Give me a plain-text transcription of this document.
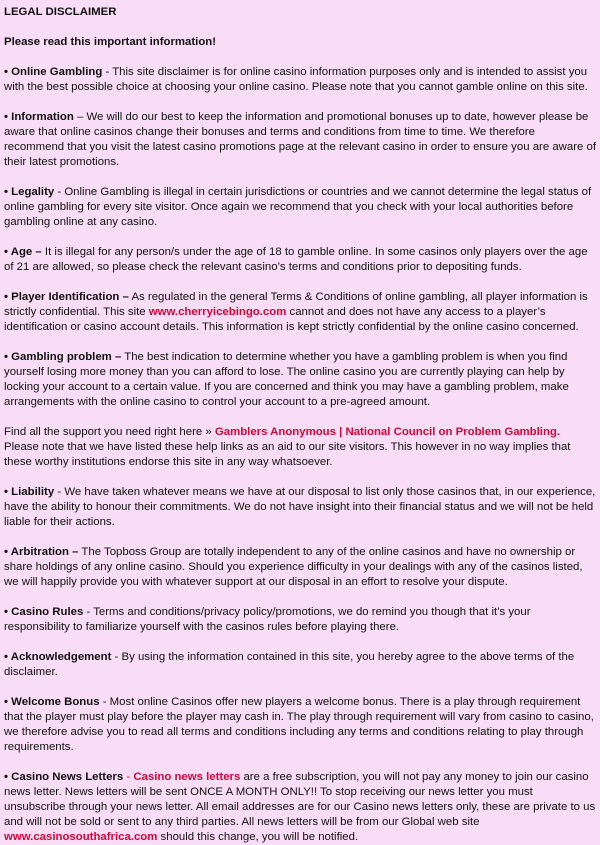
LEGAL DISCLAIMER
Please read this important information!

• Online Gambling - This site disclaimer is for online casino information purposes only and is intended to assist you with the best possible choice at choosing your online casino. Please note that you cannot gamble online on this site.

• Information – We will do our best to keep the information and promotional bonuses up to date, however please be aware that online casinos change their bonuses and terms and conditions from time to time. We therefore recommend that you visit the latest casino promotions page at the relevant casino in order to ensure you are aware of their latest promotions.

• Legality - Online Gambling is illegal in certain jurisdictions or countries and we cannot determine the legal status of online gambling for every site visitor. Once again we recommend that you check with your local authorities before gambling online at any casino.

• Age – It is illegal for any person/s under the age of 18 to gamble online. In some casinos only players over the age of 21 are allowed, so please check the relevant casino’s terms and conditions prior to depositing funds.

• Player Identification – As regulated in the general Terms & Conditions of online gambling, all player information is strictly confidential. This site www.cherryicebingo.com cannot and does not have any access to a player’s identification or casino account details. This information is kept strictly confidential by the online casino concerned.

• Gambling problem – The best indication to determine whether you have a gambling problem is when you find yourself losing more money than you can afford to lose. The online casino you are currently playing can help by locking your account to a certain value. If you are concerned and think you may have a gambling problem, make arrangements with the online casino to control your account to a pre-agreed amount.

Find all the support you need right here » Gamblers Anonymous | National Council on Problem Gambling. Please note that we have listed these help links as an aid to our site visitors. This however in no way implies that these worthy institutions endorse this site in any way whatsoever.

• Liability - We have taken whatever means we have at our disposal to list only those casinos that, in our experience, have the ability to honour their commitments. We do not have insight into their financial status and we will not be held liable for their actions.

• Arbitration – The Topboss Group are totally independent to any of the online casinos and have no ownership or share holdings of any online casino. Should you experience difficulty in your dealings with any of the casinos listed, we will happily provide you with whatever support at our disposal in an effort to resolve your dispute.

• Casino Rules - Terms and conditions/privacy policy/promotions, we do remind you though that it’s your responsibility to familiarize yourself with the casinos rules before playing there.

• Acknowledgement - By using the information contained in this site, you hereby agree to the above terms of the disclaimer.

• Welcome Bonus - Most online Casinos offer new players a welcome bonus. There is a play through requirement that the player must play before the player may cash in. The play through requirement will vary from casino to casino, we therefore advise you to read all terms and conditions including any terms and conditions relating to play through requirements.

• Casino News Letters - Casino news letters are a free subscription, you will not pay any money to join our casino news letter. News letters will be sent ONCE A MONTH ONLY!! To stop receiving our news letter you must unsubscribe through your news letter. All email addresses are for our Casino news letters only, these are private to us and will not be sold or sent to any third parties. All news letters will be from our Global web site www.casinosouthafrica.com should this change, you will be notified.
